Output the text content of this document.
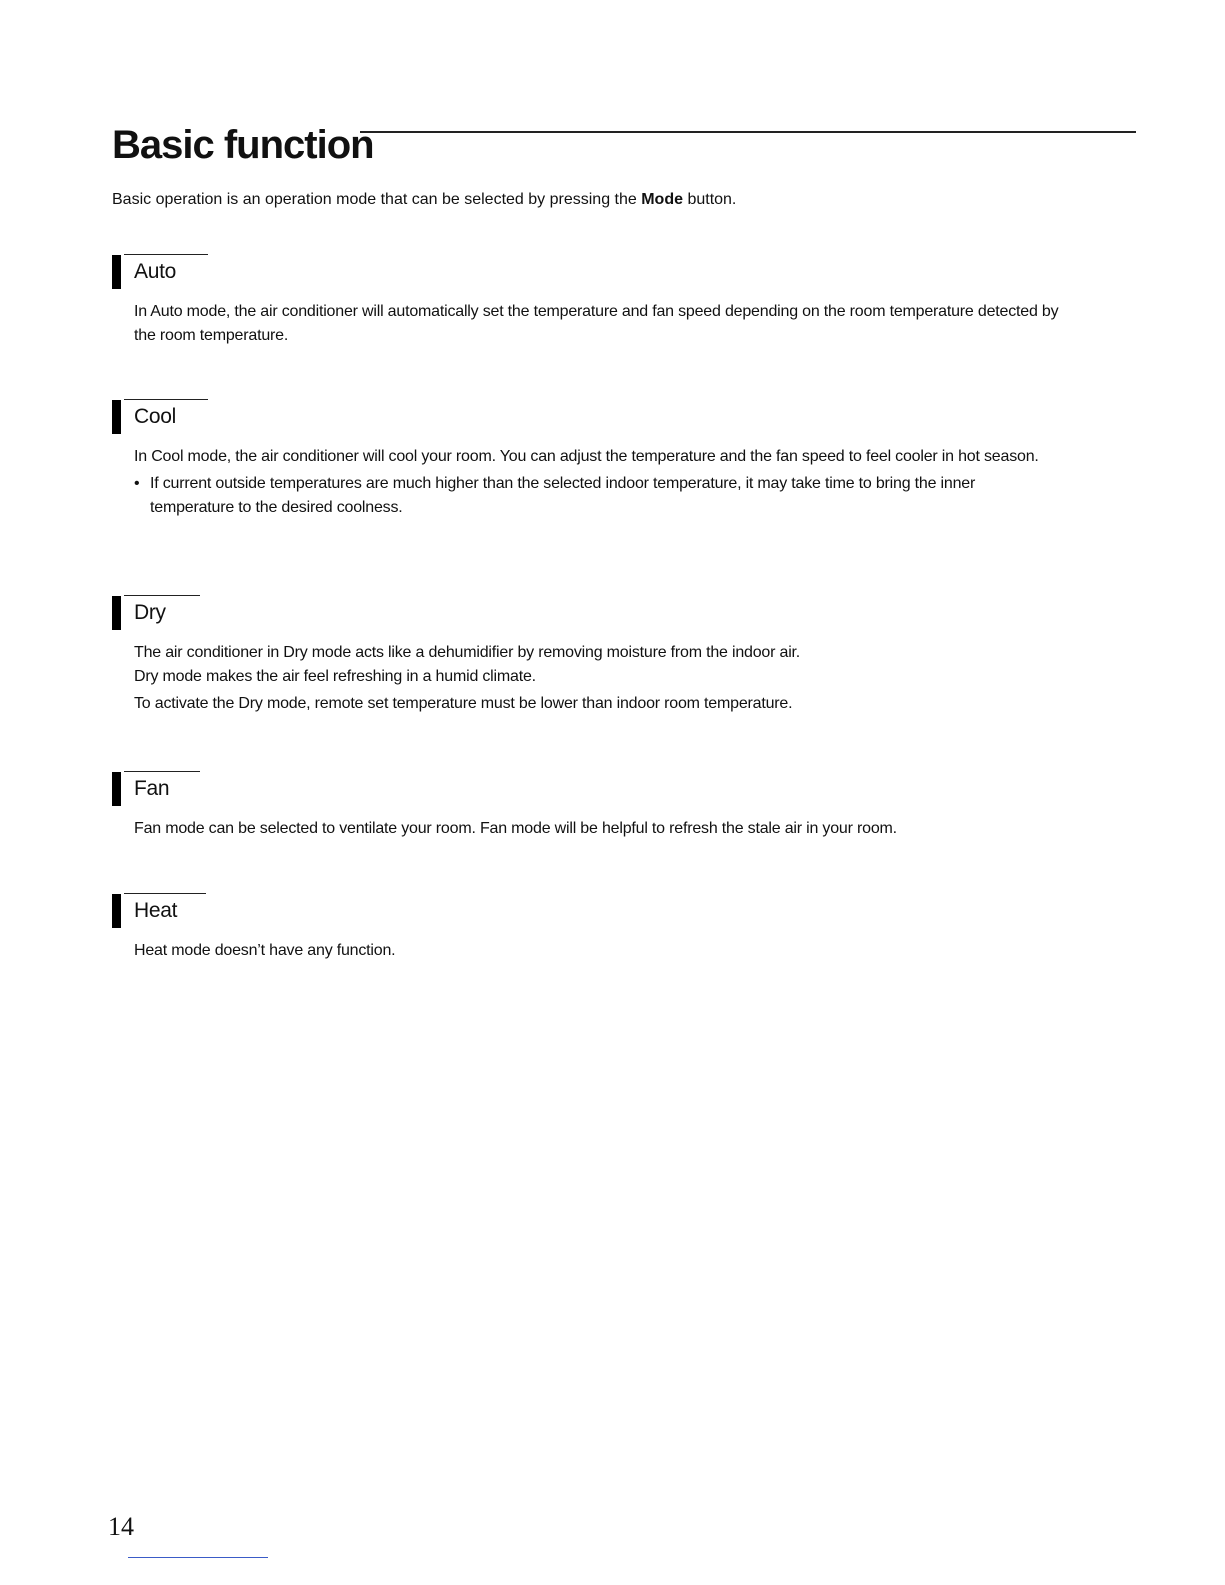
Basic function

Basic operation is an operation mode that can be selected by pressing the Mode button.

Auto

In Auto mode, the air conditioner will automatically set the temperature and fan speed depending on the room temperature detected by the room temperature.

Cool

In Cool mode, the air conditioner will cool your room. You can adjust the temperature and the fan speed to feel cooler in hot season.

• If current outside temperatures are much higher than the selected indoor temperature, it may take time to bring the inner temperature to the desired coolness.
Dry

The air conditioner in Dry mode acts like a dehumidifier by removing moisture from the indoor air.

Dry mode makes the air feel refreshing in a humid climate.

To activate the Dry mode, remote set temperature must be lower than indoor room temperature.

Fan

Fan mode can be selected to ventilate your room. Fan mode will be helpful to refresh the stale air in your room.

Heat

Heat mode doesn’t have any function.

14
